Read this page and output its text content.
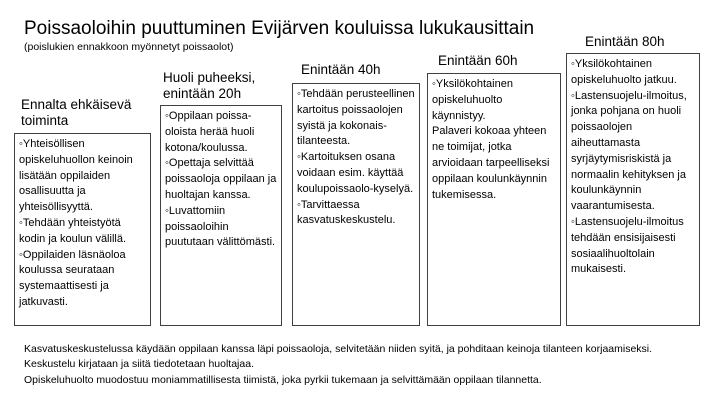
Poissaoloihin puuttuminen Evijärven kouluissa lukukausittain
(poislukien ennakkoon myönnetyt poissaolot)
Ennalta ehkäisevä toiminta
◦Yhteisöllisen opiskeluhuollon keinoin lisätään oppilaiden osallisuutta ja yhteisöllisyyttä.
◦Tehdään yhteistyötä kodin ja koulun välillä.
◦Oppilaiden läsnäoloa koulussa seurataan systemaattisesti ja jatkuvasti.
Huoli puheeksi, enintään 20h
◦Oppilaan poissa-oloista herää huoli kotona/koulussa.
◦Opettaja selvittää poissaoloja oppilaan ja huoltajan kanssa.
◦Luvattomiin poissaoloihin puututaan välittömästi.
Enintään 40h
◦Tehdään perusteellinen kartoitus poissaolojen syistä ja kokonais- tilanteesta.
◦Kartoituksen osana voidaan esim. käyttää koulupoissaolo-kyselyä.
◦Tarvittaessa kasvatuskeskustelu.
Enintään 60h
◦Yksilökohtainen opiskeluhuolto käynnistyy.
Palaveri kokoaa yhteen ne toimijat, jotka arvioidaan tarpeelliseksi oppilaan koulunkäynnin tukemisessa.
Enintään 80h
◦Yksilökohtainen opiskeluhuolto jatkuu.
◦Lastensuojelu-ilmoitus, jonka pohjana on huoli poissaolojen aiheuttamasta syrjäytymisriskistä ja normaalin kehityksen ja koulunkäynnin vaarantumisesta.
◦Lastensuojelu-ilmoitus tehdään ensisijaisesti sosiaalihuoltolain mukaisesti.
Kasvatuskeskustelussa käydään oppilaan kanssa läpi poissaoloja, selvitetään niiden syitä, ja pohditaan keinoja tilanteen korjaamiseksi.
Keskustelu kirjataan ja siitä tiedotetaan huoltajaa.
Opiskeluhuolto muodostuu moniammatillisesta tiimistä, joka pyrkii tukemaan ja selvittämään oppilaan tilannetta.
